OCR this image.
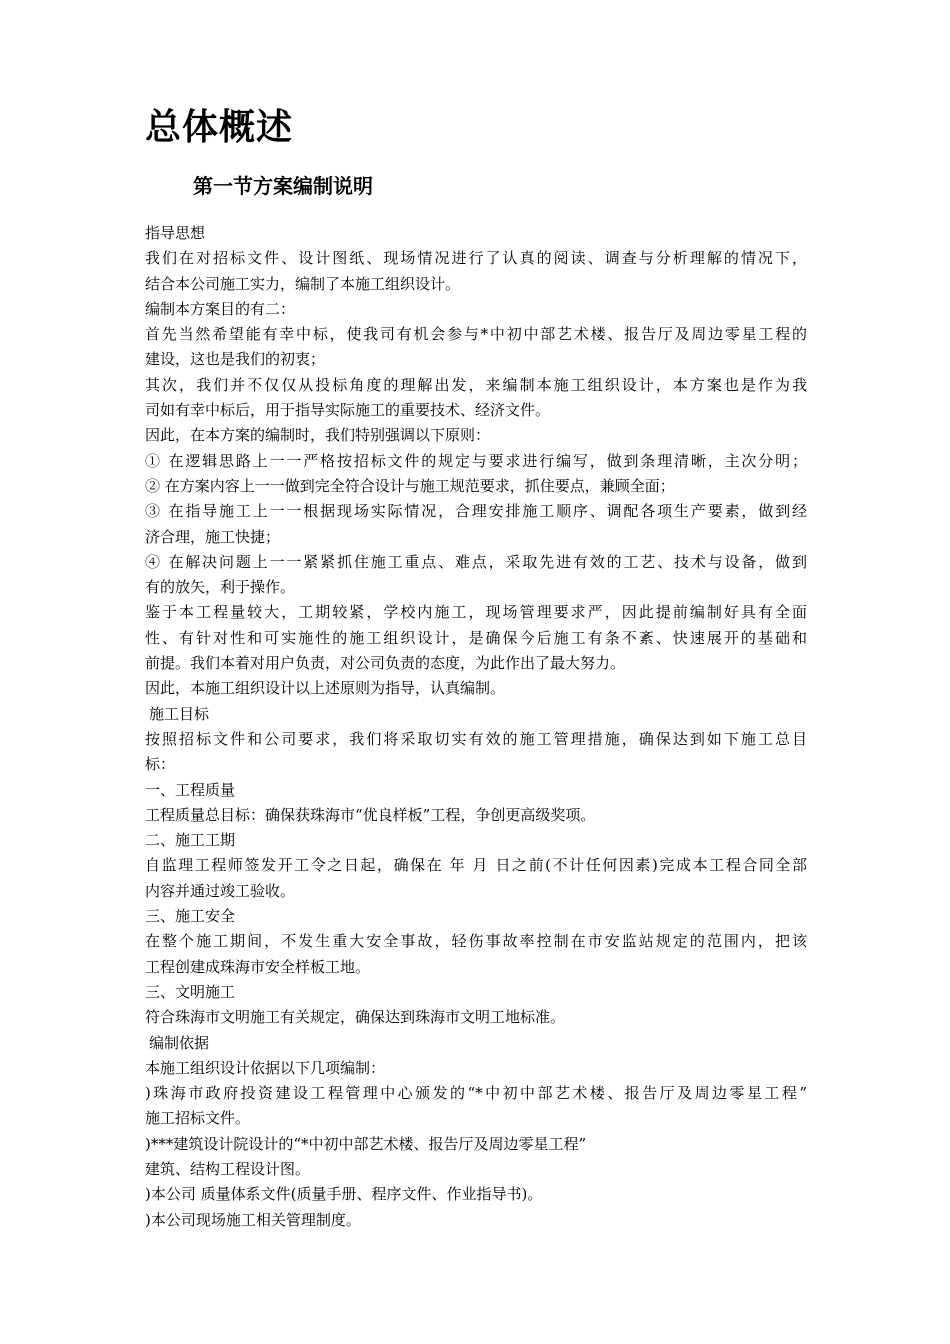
总体概述
第一节方案编制说明

指导思想

我们在对招标文件、设计图纸、现场情况进行了认真的阅读、调查与分析理解的情况下，

结合本公司施工实力，编制了本施工组织设计。

编制本方案目的有二：

首先当然希望能有幸中标，使我司有机会参与*中初中部艺术楼、报告厅及周边零星工程的

建设，这也是我们的初衷；

其次，我们并不仅仅从投标角度的理解出发，来编制本施工组织设计，本方案也是作为我

司如有幸中标后，用于指导实际施工的重要技术、经济文件。

因此，在本方案的编制时，我们特别强调以下原则：

① 在逻辑思路上一一严格按招标文件的规定与要求进行编写，做到条理清晰，主次分明；

② 在方案内容上一一做到完全符合设计与施工规范要求，抓住要点，兼顾全面；

③ 在指导施工上一一根据现场实际情况，合理安排施工顺序、调配各项生产要素，做到经

济合理，施工快捷；

④ 在解决问题上一一紧紧抓住施工重点、难点，采取先进有效的工艺、技术与设备，做到

有的放矢，利于操作。

鉴于本工程量较大，工期较紧，学校内施工，现场管理要求严，因此提前编制好具有全面

性、有针对性和可实施性的施工组织设计，是确保今后施工有条不紊、快速展开的基础和

前提。我们本着对用户负责，对公司负责的态度，为此作出了最大努力。

因此，本施工组织设计以上述原则为指导，认真编制。

施工目标

按照招标文件和公司要求，我们将采取切实有效的施工管理措施，确保达到如下施工总目

标：

一、工程质量

工程质量总目标：确保获珠海市“优良样板”工程，争创更高级奖项。

二、施工工期

自监理工程师签发开工令之日起，确保在 年 月 日之前(不计任何因素)完成本工程合同全部

内容并通过竣工验收。

三、施工安全

在整个施工期间，不发生重大安全事故，轻伤事故率控制在市安监站规定的范围内，把该

工程创建成珠海市安全样板工地。

三、文明施工

符合珠海市文明施工有关规定，确保达到珠海市文明工地标准。

编制依据

本施工组织设计依据以下几项编制：

)珠海市政府投资建设工程管理中心颁发的“*中初中部艺术楼、报告厅及周边零星工程”

施工招标文件。

)***建筑设计院设计的“*中初中部艺术楼、报告厅及周边零星工程”

建筑、结构工程设计图。

)本公司 质量体系文件(质量手册、程序文件、作业指导书)。

)本公司现场施工相关管理制度。
